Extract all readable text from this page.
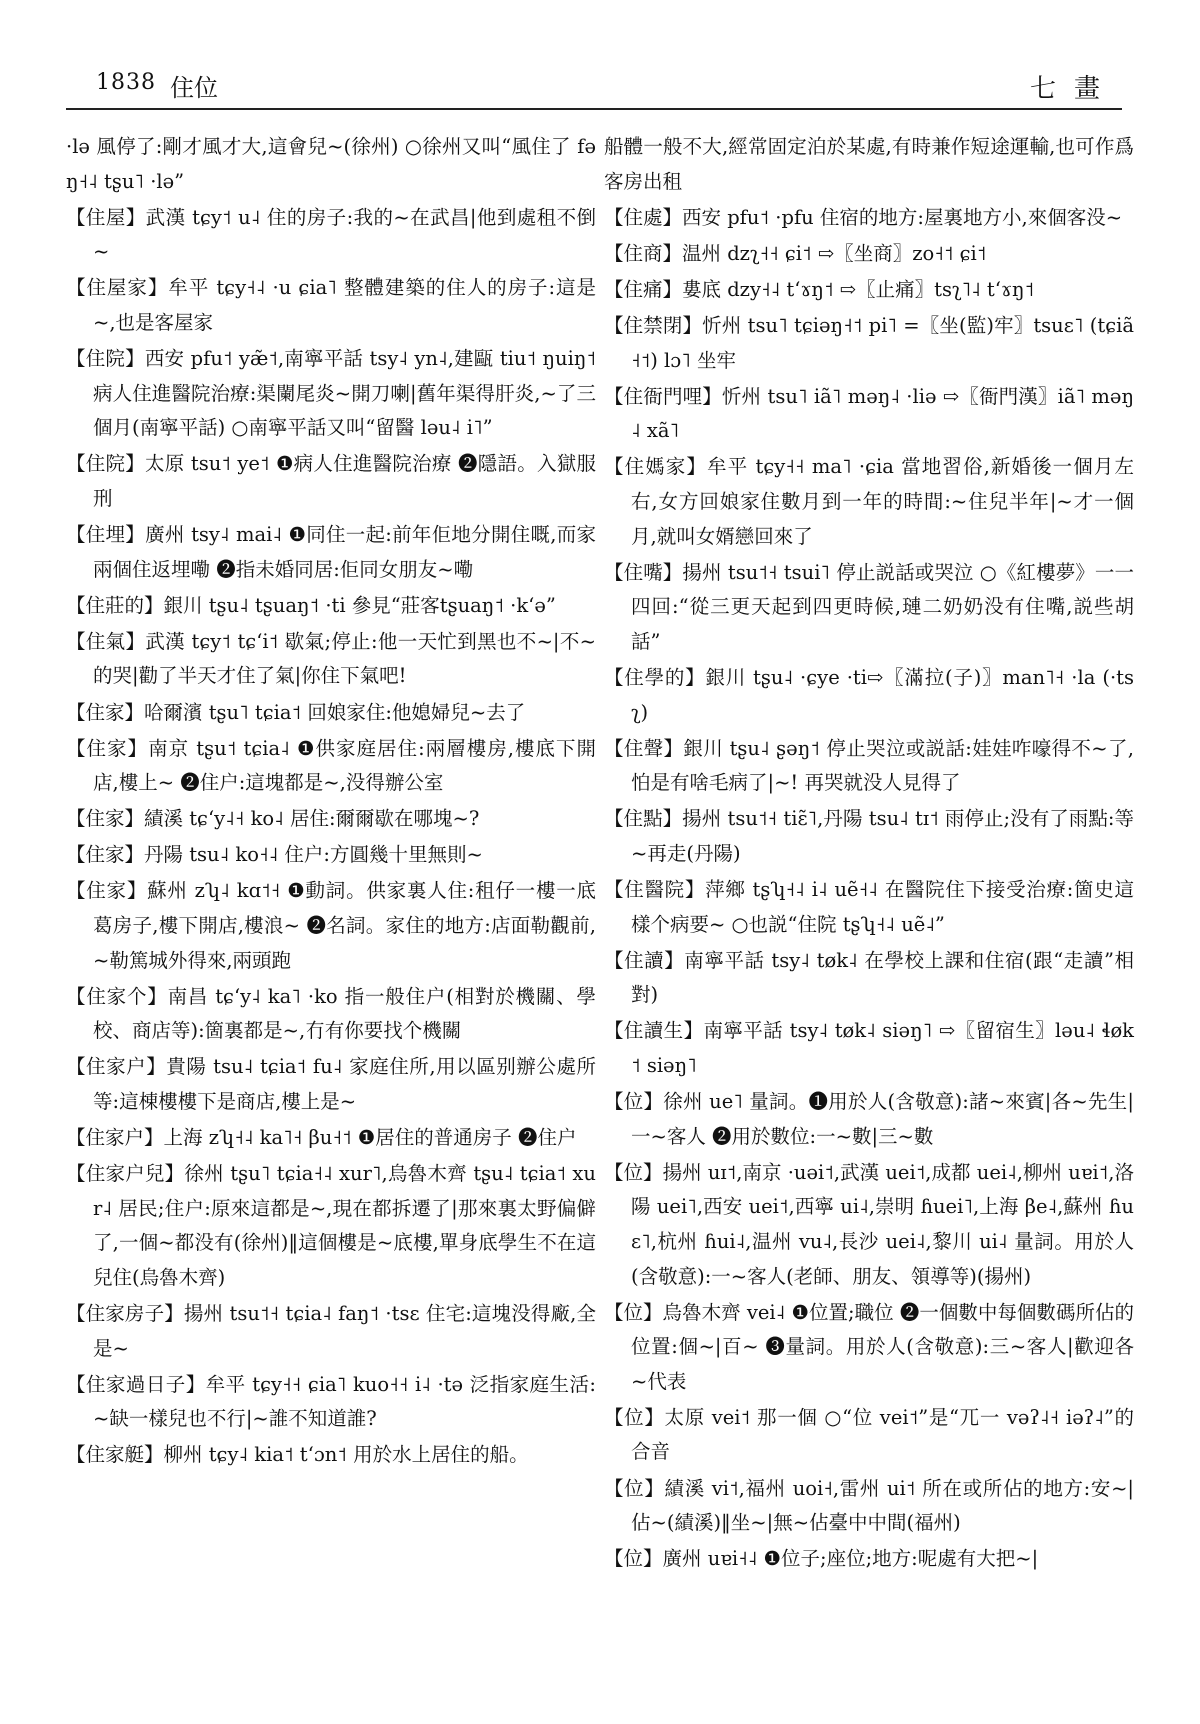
1838 住位	七畫

·lə 風停了:剛才風才大,這會兒~(徐州) ○徐州又叫“風住了 fəŋ˧˨ tʂu˥ ·lə”

【住屋】武漢 tɕy˦ u˨ 住的房子:我的~在武昌|他到處租不倒~

【住屋家】牟平 tɕy˧˨ ·u ɕia˥ 整體建築的住人的房子:這是~,也是客屋家

【住院】西安 pfu˦ yæ̃˦,南寧平話 tsy˨ yn˨,建甌 tiu˦ ŋuiŋ˦ 病人住進醫院治療:渠闌尾炎~開刀喇|舊年渠得肝炎,~了三個月(南寧平話) ○南寧平話又叫“留醫 ləu˨ i˥”

【住院】太原 tsu˦ ye˦ ❶病人住進醫院治療 ❷隱語。入獄服刑

【住埋】廣州 tsy˨ mai˨ ❶同住一起:前年佢地分開住嘅,而家兩個住返埋嘞 ❷指未婚同居:佢同女朋友~嘞

【住莊的】銀川 tʂu˨ tʂuaŋ˦ ·ti 參見“莊客tʂuaŋ˦ ·kʻə”

【住氣】武漢 tɕy˦ tɕʻi˦ 歇氣;停止:他一天忙到黑也不~|不~的哭|勸了半天才住了氣|你住下氣吧!

【住家】哈爾濱 tʂu˥ tɕia˦ 回娘家住:他媳婦兒~去了

【住家】南京 tʂu˦ tɕia˨ ❶供家庭居住:兩層樓房,樓底下開店,樓上~ ❷住户:這塊都是~,没得辦公室

【住家】績溪 tɕʻy˨˧ ko˨ 居住:爾爾歇在哪塊~?

【住家】丹陽 tsu˨ ko˧˨ 住户:方圓幾十里無則~

【住家】蘇州 zʮ˨ kɑ˦˧ ❶動詞。供家裏人住:租仔一樓一底葛房子,樓下開店,樓浪~ ❷名詞。家住的地方:店面勒觀前,~勒篤城外得來,兩頭跑

【住家个】南昌 tɕʻy˨ ka˥ ·ko 指一般住户(相對於機關、學校、商店等):箇裏都是~,冇有你要找个機關

【住家户】貴陽 tsu˨ tɕia˦ fu˨ 家庭住所,用以區别辦公處所等:這棟樓樓下是商店,樓上是~

【住家户】上海 zʮ˧˨ ka˥˧ βu˧˦ ❶居住的普通房子 ❷住户

【住家户兒】徐州 tʂu˥ tɕia˧˨ xur˥,烏魯木齊 tʂu˨ tɕia˦ xur˨ 居民;住户:原來這都是~,現在都拆遷了|那來裏太野偏僻了,一個~都没有(徐州)‖這個樓是~底樓,單身底學生不在這兒住(烏魯木齊)

【住家房子】揚州 tsu˦˧ tɕia˨ faŋ˦ ·tsɛ 住宅:這塊没得廠,全是~

【住家過日子】牟平 tɕy˧˧ ɕia˥ kuo˧˧ i˨ ·tə 泛指家庭生活:~缺一樣兒也不行|~誰不知道誰?

【住家艇】柳州 tɕy˨ kia˦ tʻɔn˦ 用於水上居住的船。

船體一般不大,經常固定泊於某處,有時兼作短途運輸,也可作爲客房出租

【住處】西安 pfu˦ ·pfu 住宿的地方:屋裏地方小,來個客没~

【住商】温州 dzʅ˧˧ ɕi˦ ⇨〖坐商〗zo˧˦ ɕi˦

【住痛】婁底 dzy˧˨ tʻɤŋ˦ ⇨〖止痛〗tsʅ˥˨ tʻɤŋ˦

【住禁閉】忻州 tsu˥ tɕiəŋ˧˦ pi˥ =〖坐(監)牢〗tsuɛ˥ (tɕiã˧˦) lɔ˥ 坐牢

【住衙門哩】忻州 tsu˥ iã˥ məŋ˨ ·liə ⇨〖衙門漢〗iã˥ məŋ˨ xã˥

【住媽家】牟平 tɕy˧˧ ma˥ ·ɕia 當地習俗,新婚後一個月左右,女方回娘家住數月到一年的時間:~住兒半年|~才一個月,就叫女婿戀回來了

【住嘴】揚州 tsu˦˧ tsui˥ 停止説話或哭泣 ○《紅樓夢》一一四回:“從三更天起到四更時候,璉二奶奶没有住嘴,説些胡話”

【住學的】銀川 tʂu˨ ·ɕye ·ti⇨〖滿拉(子)〗man˥˧ ·la (·tsʅ)

【住聲】銀川 tʂu˨ ʂəŋ˦ 停止哭泣或説話:娃娃咋嚎得不~了,怕是有啥毛病了|~! 再哭就没人見得了

【住點】揚州 tsu˦˧ tiɛ̃˥,丹陽 tsu˨ tɪ˦ 雨停止;没有了雨點:等~再走(丹陽)

【住醫院】萍鄉 tʂʮ˧˨ i˨ uẽ˧˨ 在醫院住下接受治療:箇史這樣个病要~ ○也説“住院 tʂʮ˧˨ uẽ˨”

【住讀】南寧平話 tsy˨ tøk˨ 在學校上課和住宿(跟“走讀”相對)

【住讀生】南寧平話 tsy˨ tøk˨ siəŋ˥ ⇨〖留宿生〗ləu˨ ɬøk˦ siəŋ˥

【位】徐州 ue˥ 量詞。❶用於人(含敬意):諸~來賓|各~先生|一~客人 ❷用於數位:一~數|三~數

【位】揚州 uɪ˦,南京 ·uəi˦,武漢 uei˦,成都 uei˨,柳州 uɐi˦,洛陽 uei˥,西安 uei˦,西寧 ui˨,崇明 ɦuei˥,上海 βe˨,蘇州 ɦuɛ˥,杭州 ɦui˨,温州 vu˨,長沙 uei˨,黎川 ui˨ 量詞。用於人(含敬意):一~客人(老師、朋友、領導等)(揚州)

【位】烏魯木齊 vei˨ ❶位置;職位 ❷一個數中每個數碼所佔的位置:個~|百~ ❸量詞。用於人(含敬意):三~客人|歡迎各~代表

【位】太原 vei˦ 那一個 ○“位 vei˦”是“兀一 vəʔ˨˧ iəʔ˨”的合音

【位】績溪 vi˦,福州 uoi˧,雷州 ui˦ 所在或所佔的地方:安~|佔~(績溪)‖坐~|無~佔臺中中間(福州)

【位】廣州 uɐi˧˨ ❶位子;座位;地方:呢處有大把~|
